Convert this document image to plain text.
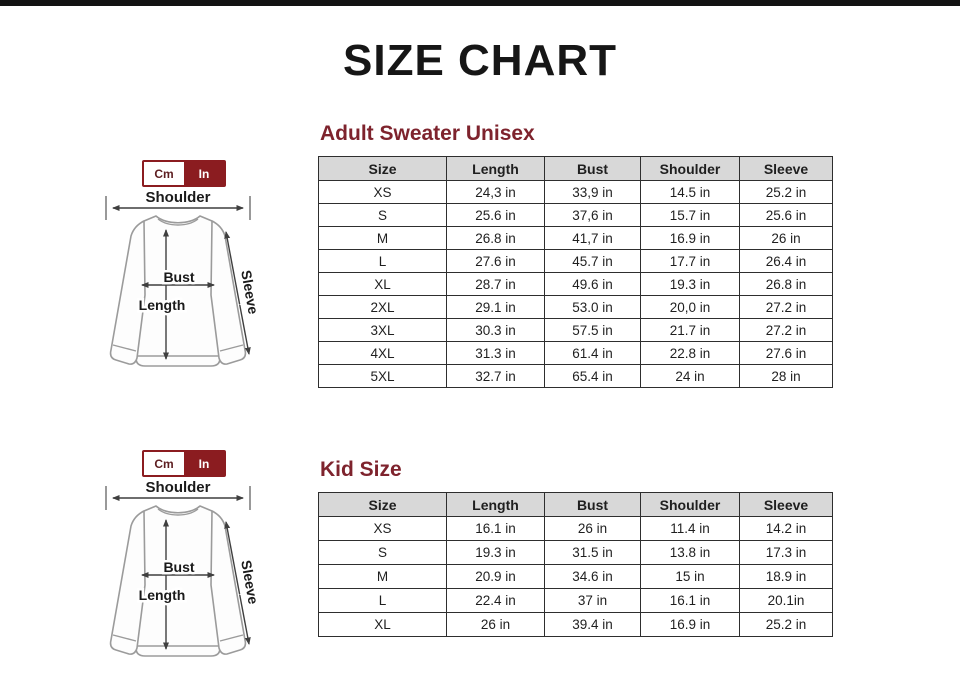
SIZE CHART
Cm	In
Shoulder
Bust
Length	Sleeve
Adult Sweater Unisex
Size	Length	Bust	Shoulder	Sleeve
XS	24,3 in	33,9 in	14.5 in	25.2 in
S	25.6 in	37,6 in	15.7 in	25.6 in
M	26.8 in	41,7 in	16.9 in	26 in
L	27.6 in	45.7 in	17.7 in	26.4 in
XL	28.7 in	49.6 in	19.3 in	26.8 in
2XL	29.1 in	53.0 in	20,0 in	27.2 in
3XL	30.3 in	57.5 in	21.7 in	27.2 in
4XL	31.3 in	61.4 in	22.8 in	27.6 in
5XL	32.7 in	65.4 in	24 in	28 in
Cm	In
Shoulder
Bust
Length	Sleeve
Kid Size
Size	Length	Bust	Shoulder	Sleeve
XS	16.1 in	26 in	11.4 in	14.2 in
S	19.3 in	31.5 in	13.8 in	17.3 in
M	20.9 in	34.6 in	15 in	18.9 in
L	22.4 in	37 in	16.1 in	20.1in
XL	26 in	39.4 in	16.9 in	25.2 in
